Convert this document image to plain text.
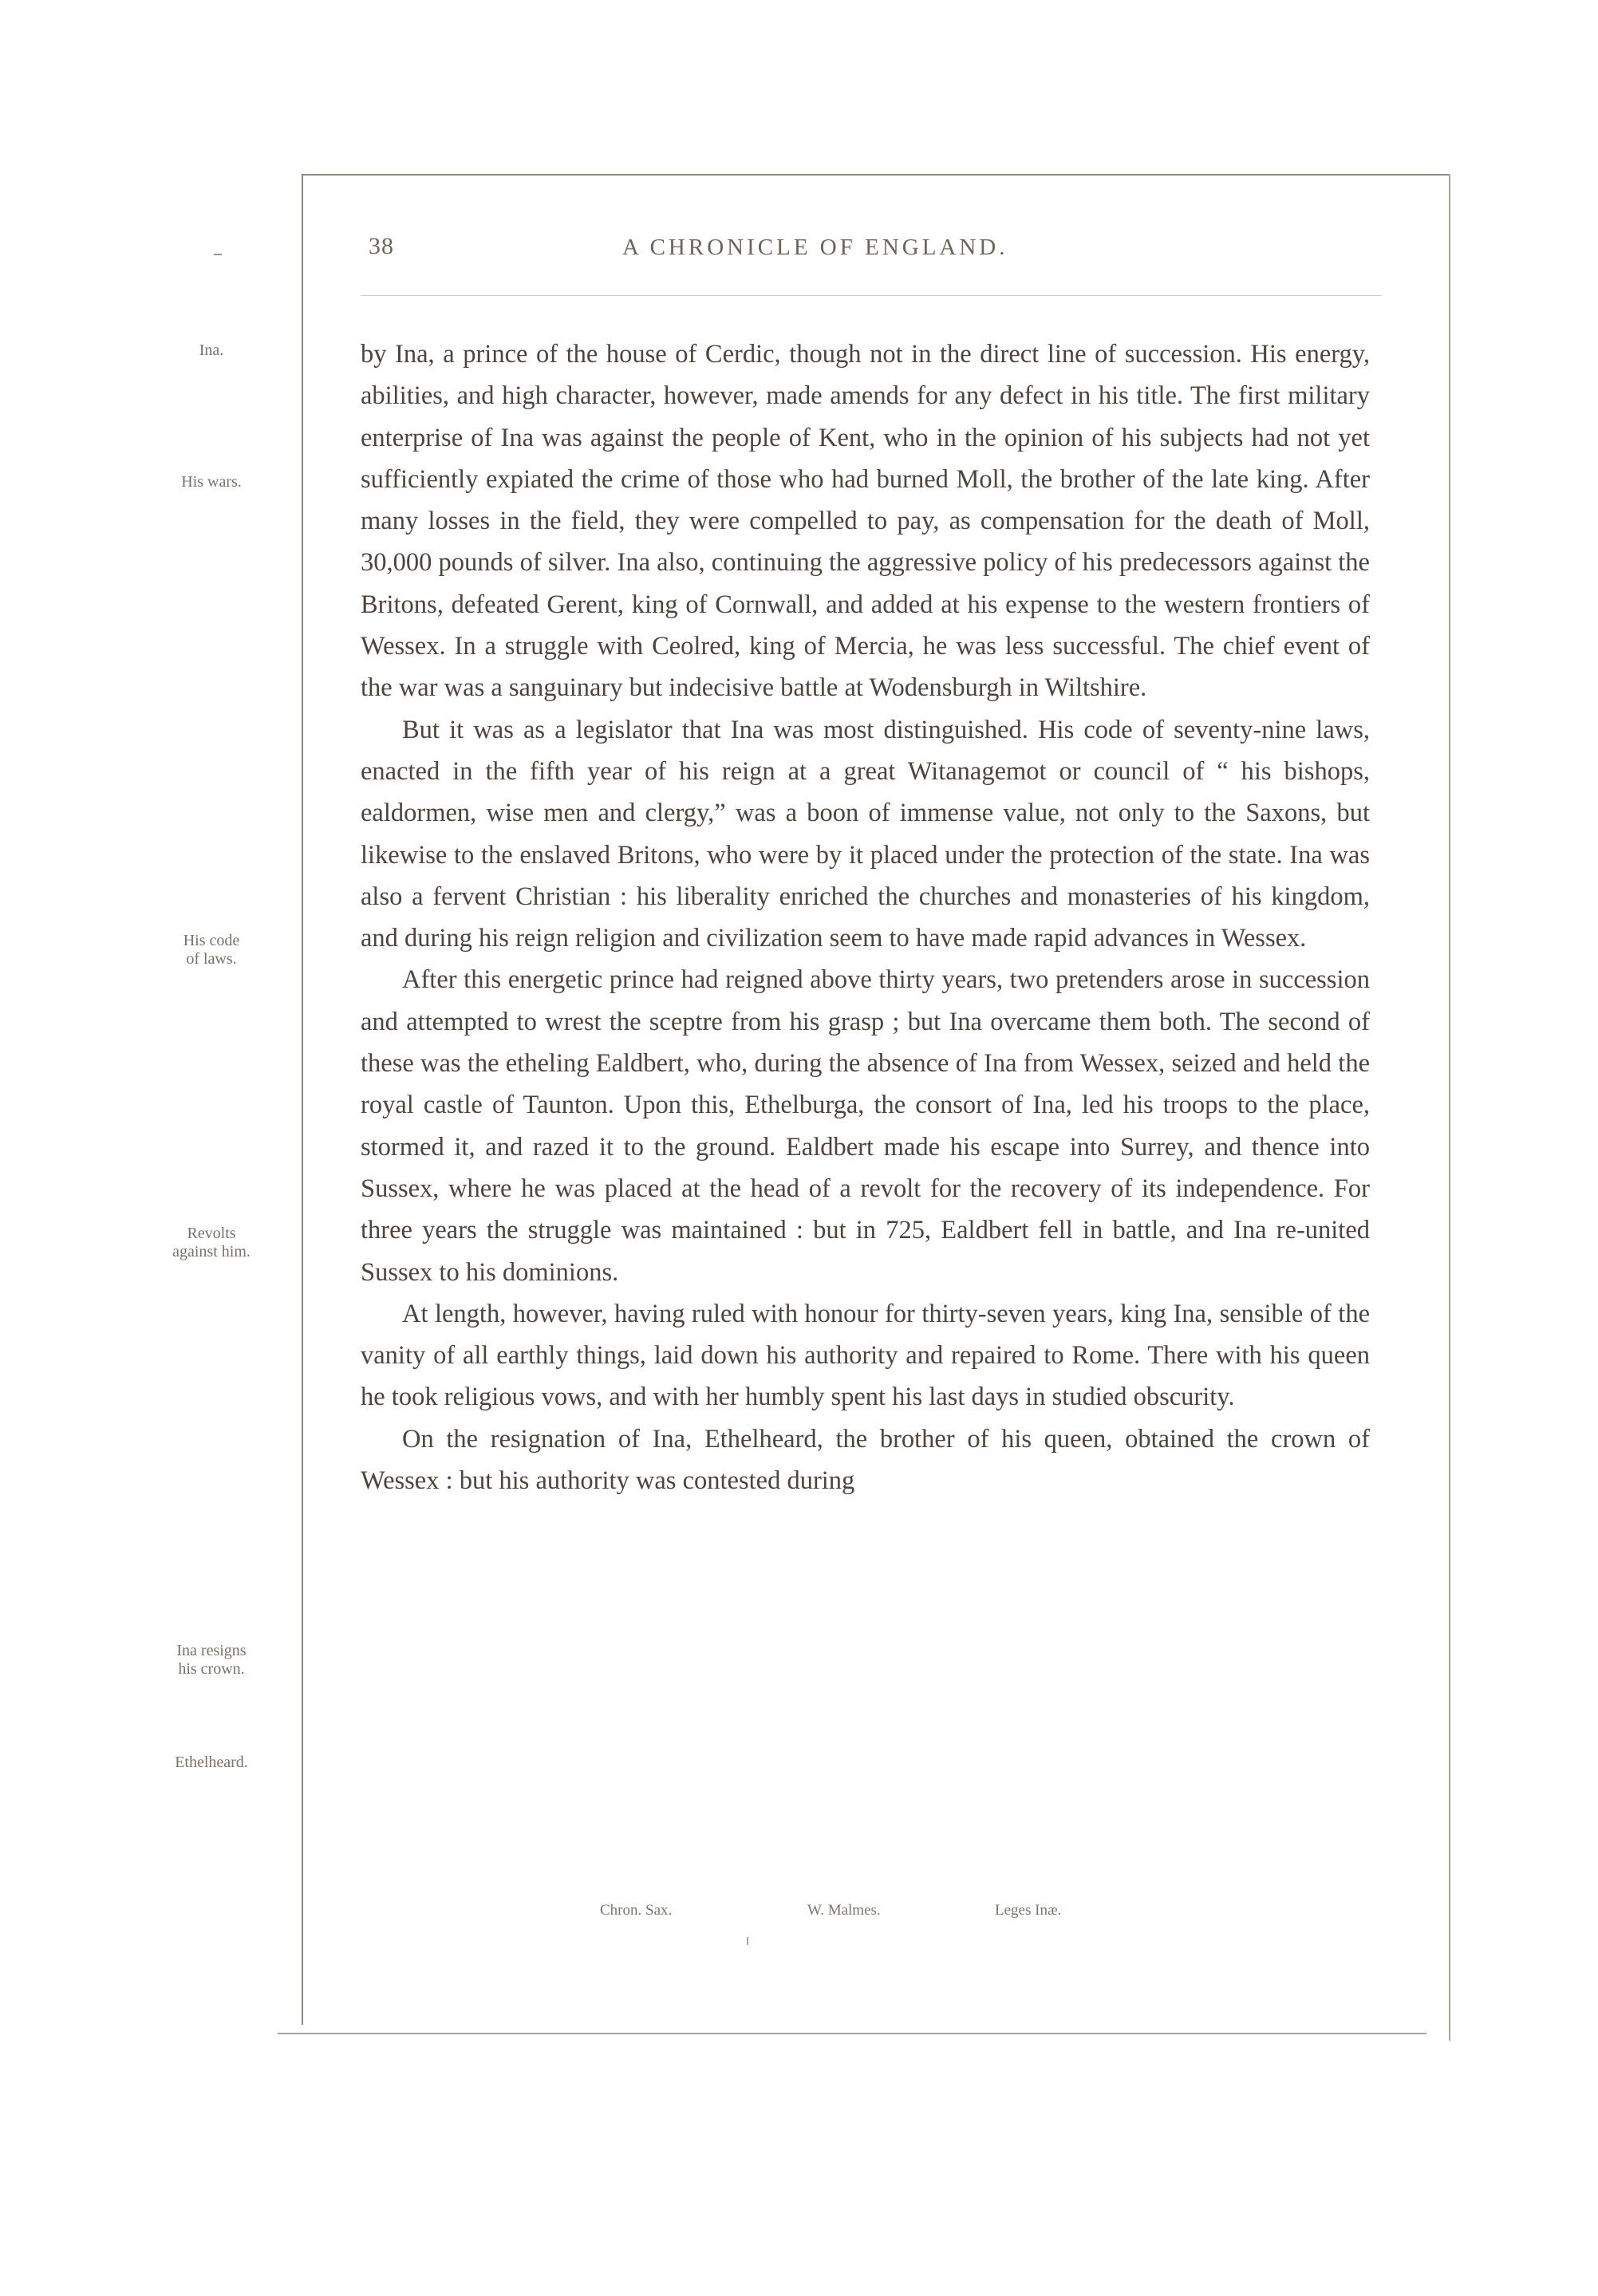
38	A CHRONICLE OF ENGLAND.
Ina.
His wars.
His code
of laws.
Revolts
against him.
Ina resigns
his crown.
Ethelheard.

by Ina, a prince of the house of Cerdic, though not in the direct line of succession. His energy, abilities, and high character, however, made amends for any defect in his title. The first military enterprise of Ina was against the people of Kent, who in the opinion of his subjects had not yet sufficiently expiated the crime of those who had burned Moll, the brother of the late king. After many losses in the field, they were compelled to pay, as compensation for the death of Moll, 30,000 pounds of silver. Ina also, continuing the aggressive policy of his predecessors against the Britons, defeated Gerent, king of Cornwall, and added at his expense to the western frontiers of Wessex. In a struggle with Ceolred, king of Mercia, he was less successful. The chief event of the war was a sanguinary but indecisive battle at Wodensburgh in Wiltshire.

But it was as a legislator that Ina was most distinguished. His code of seventy-nine laws, enacted in the fifth year of his reign at a great Witanagemot or council of “ his bishops, ealdormen, wise men and clergy,” was a boon of immense value, not only to the Saxons, but likewise to the enslaved Britons, who were by it placed under the protection of the state. Ina was also a fervent Christian : his liberality enriched the churches and monasteries of his kingdom, and during his reign religion and civilization seem to have made rapid advances in Wessex.

After this energetic prince had reigned above thirty years, two pretenders arose in succession and attempted to wrest the sceptre from his grasp ; but Ina overcame them both. The second of these was the etheling Ealdbert, who, during the absence of Ina from Wessex, seized and held the royal castle of Taunton. Upon this, Ethelburga, the consort of Ina, led his troops to the place, stormed it, and razed it to the ground. Ealdbert made his escape into Surrey, and thence into Sussex, where he was placed at the head of a revolt for the recovery of its independence. For three years the struggle was maintained : but in 725, Ealdbert fell in battle, and Ina re-united Sussex to his dominions.

At length, however, having ruled with honour for thirty-seven years, king Ina, sensible of the vanity of all earthly things, laid down his authority and repaired to Rome. There with his queen he took religious vows, and with her humbly spent his last days in studied obscurity.

On the resignation of Ina, Ethelheard, the brother of his queen, obtained the crown of Wessex : but his authority was contested during

Chron. Sax.	W. Malmes.	Leges Inæ.
